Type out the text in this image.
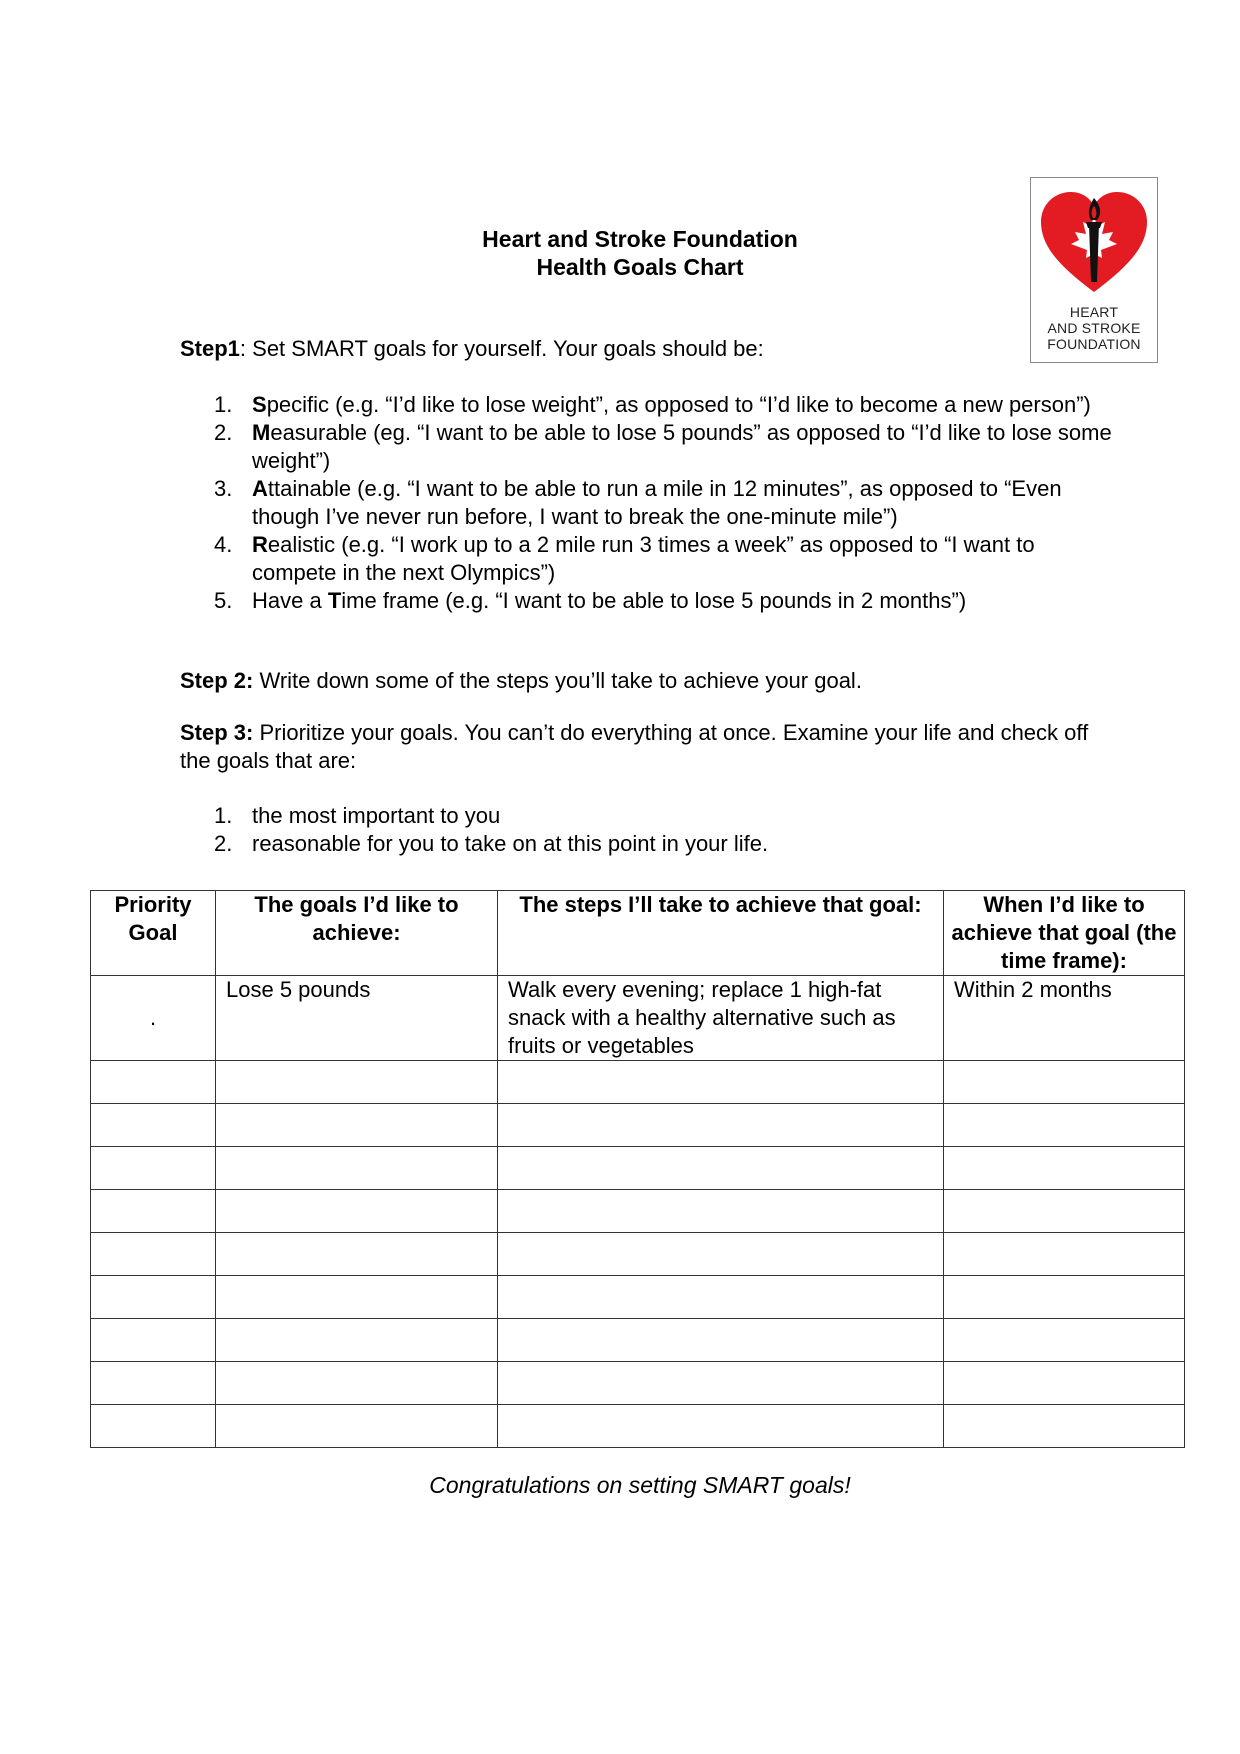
HEART
AND STROKE
FOUNDATION
Heart and Stroke Foundation
Health Goals Chart
Step1: Set SMART goals for yourself. Your goals should be:
1. Specific (e.g. “I’d like to lose weight”, as opposed to “I’d like to become a new person”)
2. Measurable (eg. “I want to be able to lose 5 pounds” as opposed to “I’d like to lose some weight”)
3. Attainable (e.g. “I want to be able to run a mile in 12 minutes”, as opposed to “Even though I’ve never run before, I want to break the one-minute mile”)
4. Realistic (e.g. “I work up to a 2 mile run 3 times a week” as opposed to “I want to compete in the next Olympics”)
5. Have a Time frame (e.g. “I want to be able to lose 5 pounds in 2 months”)
Step 2: Write down some of the steps you’ll take to achieve your goal.
Step 3: Prioritize your goals. You can’t do everything at once. Examine your life and check off the goals that are:
1. the most important to you
2. reasonable for you to take on at this point in your life.
Priority Goal	The goals I’d like to achieve:	The steps I’ll take to achieve that goal:	When I’d like to achieve that goal (the time frame):
.	Lose 5 pounds	Walk every evening; replace 1 high-fat snack with a healthy alternative such as fruits or vegetables	Within 2 months

Congratulations on setting SMART goals!
